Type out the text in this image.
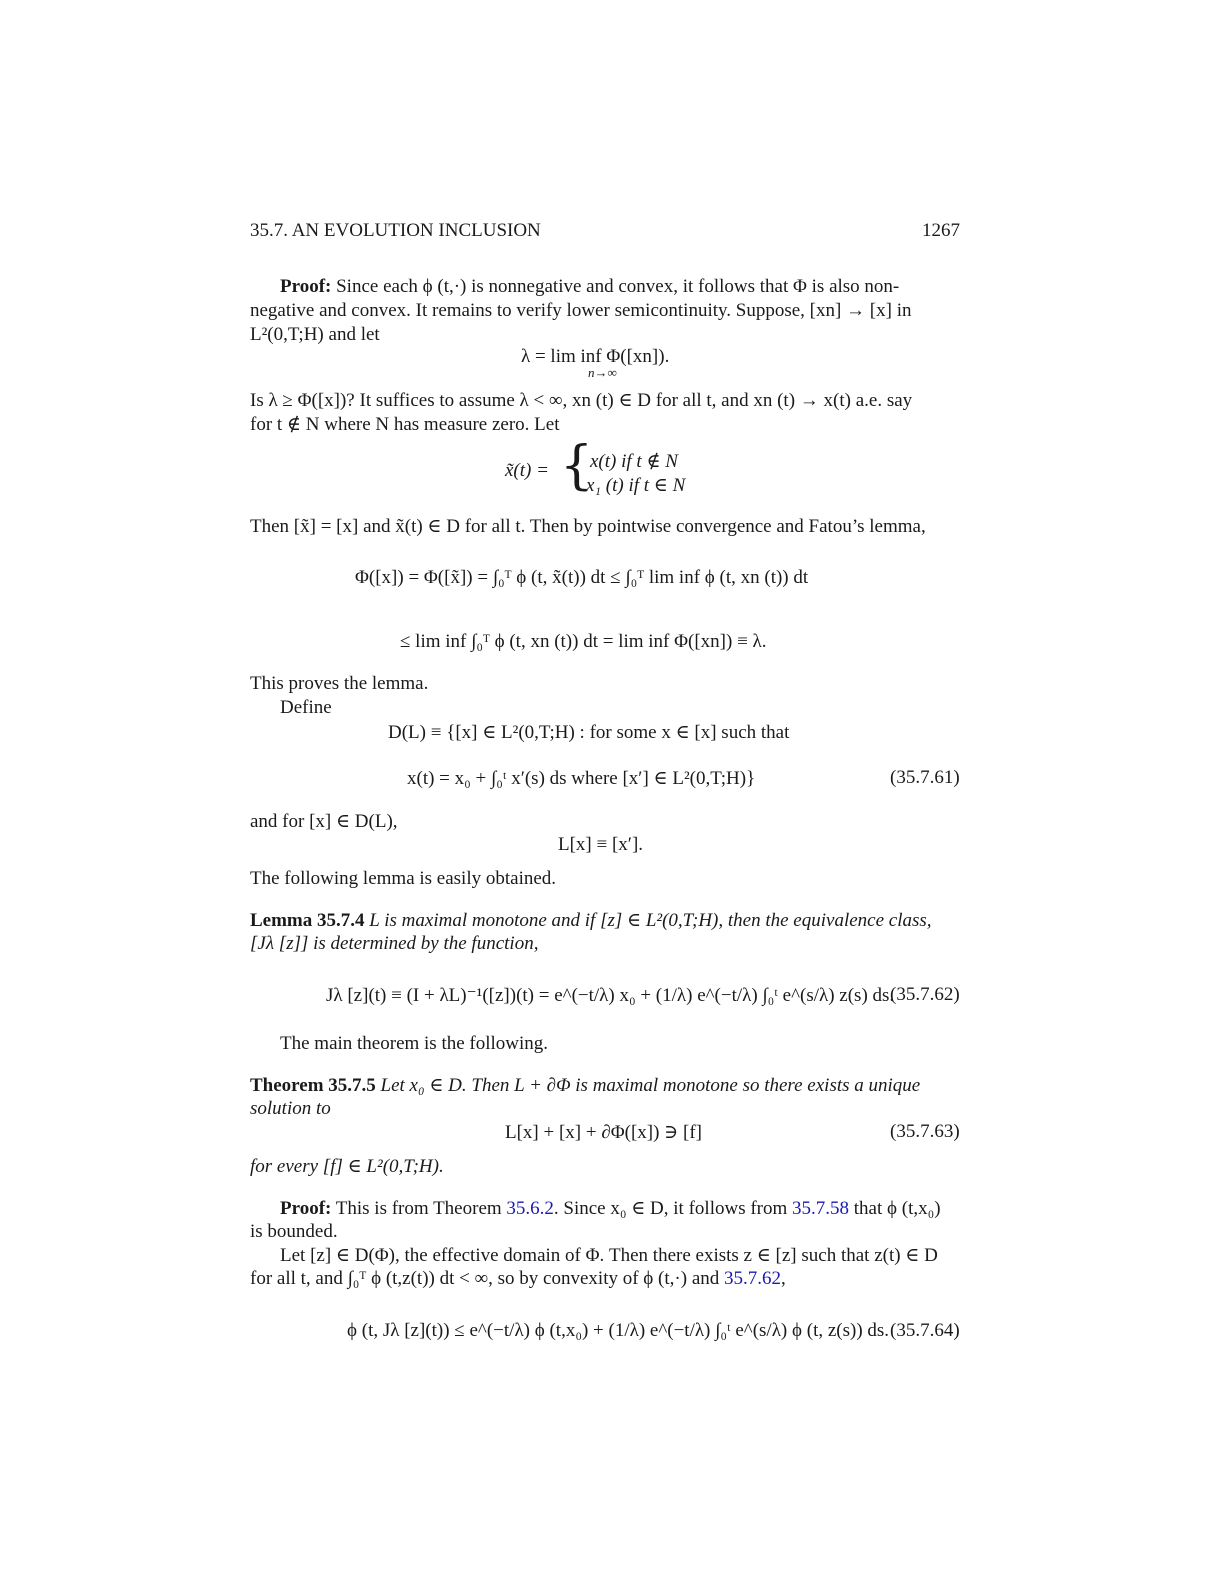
35.7. AN EVOLUTION INCLUSION	1267
Proof: Since each ϕ (t,·) is nonnegative and convex, it follows that Φ is also non-
negative and convex. It remains to verify lower semicontinuity. Suppose, [xn] → [x] in
L²(0,T;H) and let
λ = lim inf Φ([xn]).
n→∞
Is λ ≥ Φ([x])? It suffices to assume λ < ∞, xn (t) ∈ D for all t, and xn (t) → x(t) a.e. say
for t ∉ N where N has measure zero. Let
x̃(t) = {
x(t) if t ∉ N
x₁ (t) if t ∈ N
Then [x̃] = [x] and x̃(t) ∈ D for all t. Then by pointwise convergence and Fatou’s lemma,
Φ([x]) = Φ([x̃]) = ∫₀ᵀ ϕ (t, x̃(t)) dt ≤ ∫₀ᵀ lim inf ϕ (t, xn (t)) dt
≤ lim inf ∫₀ᵀ ϕ (t, xn (t)) dt = lim inf Φ([xn]) ≡ λ.
This proves the lemma.
Define
D(L) ≡ {[x] ∈ L²(0,T;H) : for some x ∈ [x] such that
x(t) = x₀ + ∫₀ᵗ x′(s) ds where [x′] ∈ L²(0,T;H)}	(35.7.61)
and for [x] ∈ D(L),
L[x] ≡ [x′].
The following lemma is easily obtained.
Lemma 35.7.4 L is maximal monotone and if [z] ∈ L²(0,T;H), then the equivalence class,
[Jλ [z]] is determined by the function,
Jλ [z](t) ≡ (I + λL)⁻¹([z])(t) = e^(−t/λ) x₀ + (1/λ) e^(−t/λ) ∫₀ᵗ e^(s/λ) z(s) ds.
(35.7.62)
The main theorem is the following.
Theorem 35.7.5 Let x₀ ∈ D. Then L + ∂Φ is maximal monotone so there exists a unique
solution to
L[x] + [x] + ∂Φ([x]) ∋ [f]	(35.7.63)
for every [f] ∈ L²(0,T;H).
Proof: This is from Theorem 35.6.2. Since x₀ ∈ D, it follows from 35.7.58 that ϕ (t,x₀)
is bounded.
Let [z] ∈ D(Φ), the effective domain of Φ. Then there exists z ∈ [z] such that z(t) ∈ D
for all t, and ∫₀ᵀ ϕ (t,z(t)) dt < ∞, so by convexity of ϕ (t,·) and 35.7.62,
ϕ (t, Jλ [z](t)) ≤ e^(−t/λ) ϕ (t,x₀) + (1/λ) e^(−t/λ) ∫₀ᵗ e^(s/λ) ϕ (t, z(s)) ds. (35.7.64)
